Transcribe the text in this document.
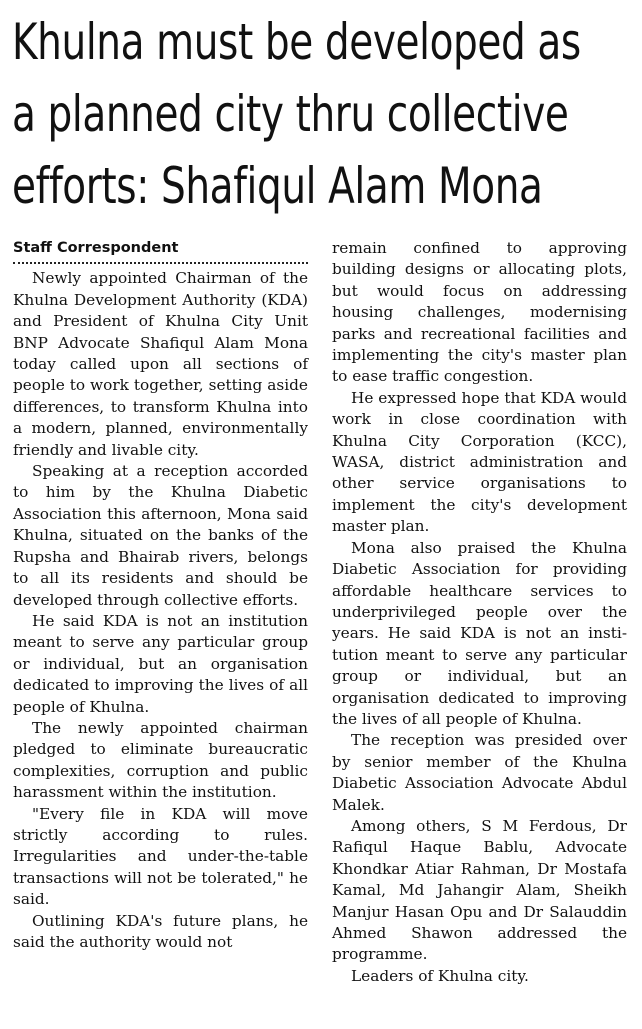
Khulna must be developed as
a planned city thru collective
efforts: Shafiqul Alam Mona
Staff Correspondent

Newly appointed Chairman of the Khulna Development Authority (KDA) and President of Khulna City Unit BNP Advocate Shafiqul Alam Mona today called upon all sections of people to work together, setting aside differences, to transform Khulna into a modern, planned, environmentally friendly and livable city.

Speaking at a reception accorded to him by the Khulna Diabetic Association this afternoon, Mona said Khulna, situated on the banks of the Rupsha and Bhairab rivers, belongs to all its residents and should be developed through collective efforts.

He said KDA is not an institution meant to serve any particular group or individual, but an organisation dedicated to improving the lives of all people of Khulna.

The newly appointed chairman pledged to eliminate bureaucratic complexities, corruption and public harassment within the institution.

"Every file in KDA will move strictly according to rules. Irregularities and under-the-table transactions will not be tolerated," he said.

Outlining KDA's future plans, he said the authority would not

remain confined to approving building designs or allocating plots, but would focus on addressing housing challenges, modernising parks and recreational facilities and implementing the city's master plan to ease traffic congestion.

He expressed hope that KDA would work in close coordination with Khulna City Corporation (KCC), WASA, district administration and other service organisations to implement the city's development master plan.

Mona also praised the Khulna Diabetic Association for providing affordable healthcare services to underprivileged people over the years. He said KDA is not an institution meant to serve any particular group or individual, but an organisation dedicated to improving the lives of all people of Khulna.

The reception was presided over by senior member of the Khulna Diabetic Association Advocate Abdul Malek.

Among others, S M Ferdous, Dr Rafiqul Haque Bablu, Advocate Khondkar Atiar Rahman, Dr Mostafa Kamal, Md Jahangir Alam, Sheikh Manjur Hasan Opu and Dr Salauddin Ahmed Shawon addressed the programme.

Leaders of Khulna city.
